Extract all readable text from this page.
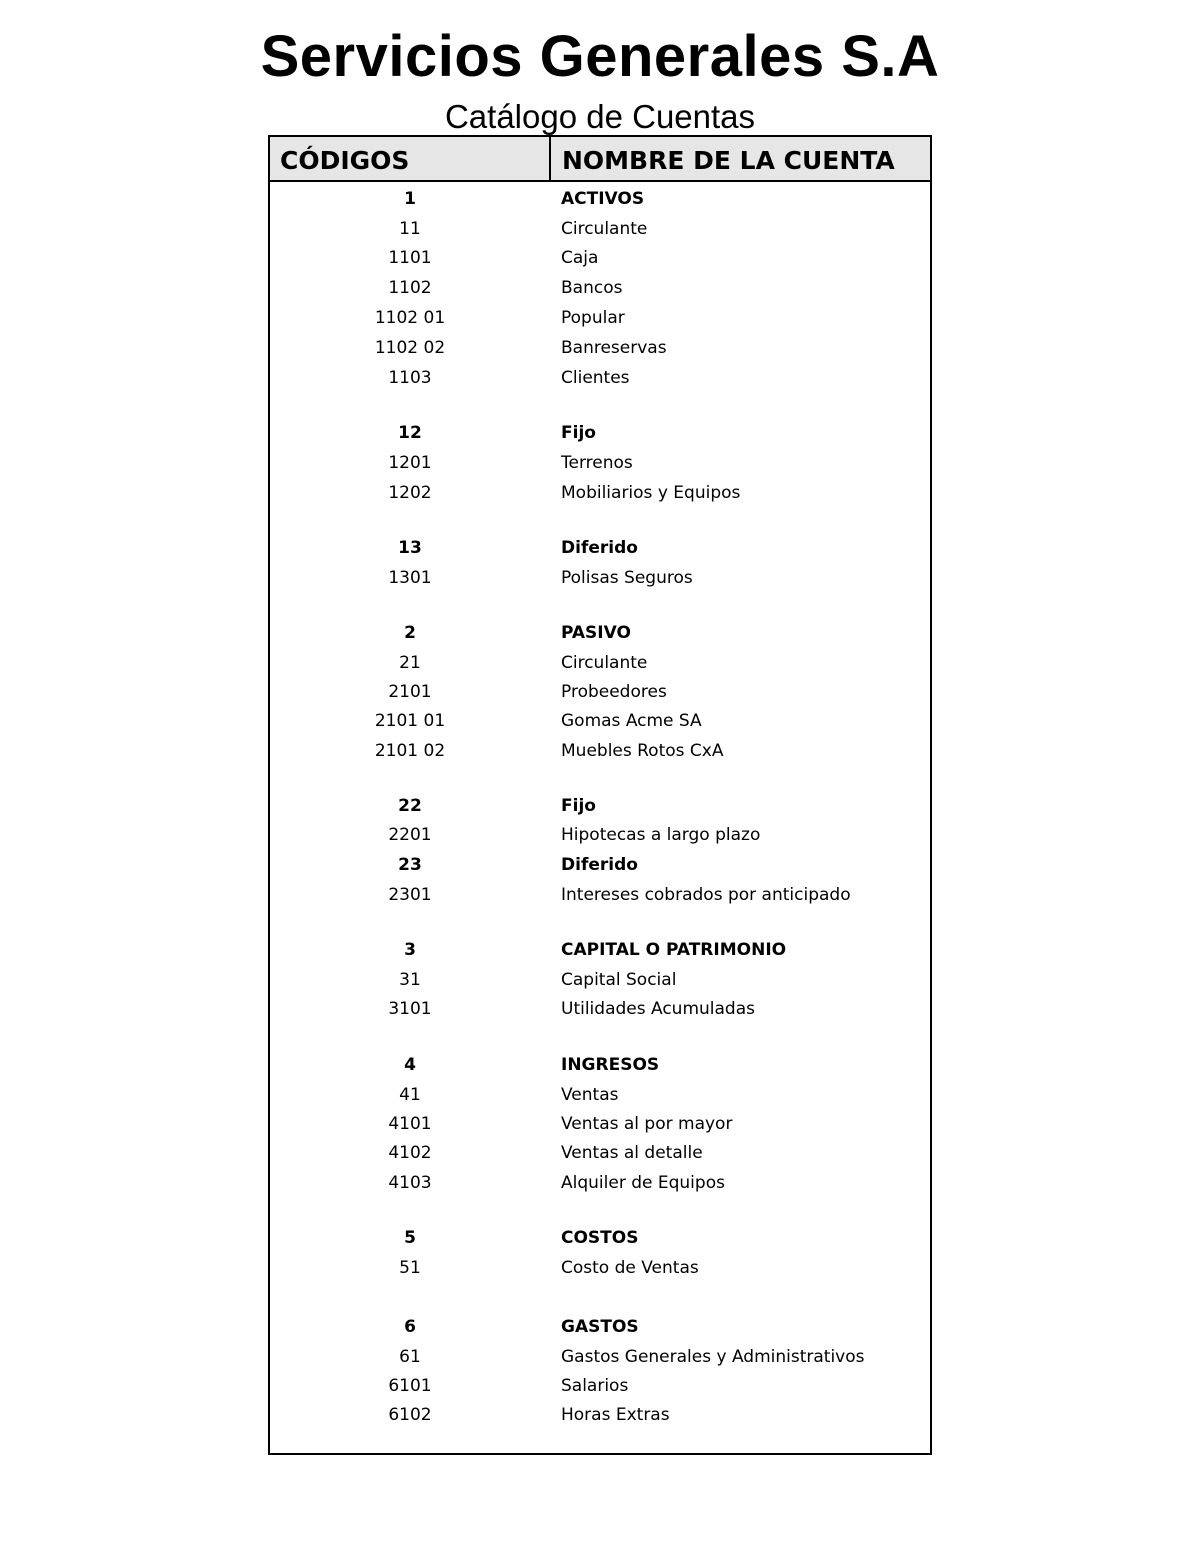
Servicios Generales S.A
Catálogo de Cuentas
CÓDIGOS	NOMBRE DE LA CUENTA
1	ACTIVOS
11	Circulante
1101	Caja
1102	Bancos
1102 01	Popular
1102 02	Banreservas
1103	Clientes
12	Fijo
1201	Terrenos
1202	Mobiliarios y Equipos
13	Diferido
1301	Polisas Seguros
2	PASIVO
21	Circulante
2101	Probeedores
2101 01	Gomas Acme SA
2101 02	Muebles Rotos CxA
22	Fijo
2201	Hipotecas a largo plazo
23	Diferido
2301	Intereses cobrados por anticipado
3	CAPITAL O PATRIMONIO
31	Capital Social
3101	Utilidades Acumuladas
4	INGRESOS
41	Ventas
4101	Ventas al por mayor
4102	Ventas al detalle
4103	Alquiler de Equipos
5	COSTOS
51	Costo de Ventas
6	GASTOS
61	Gastos Generales y Administrativos
6101	Salarios
6102	Horas Extras
